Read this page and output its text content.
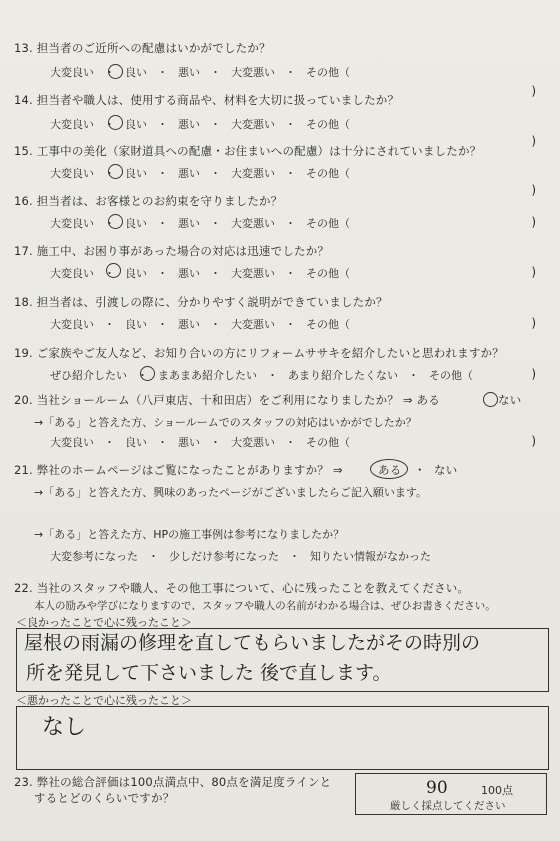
13. 担当者のご近所への配慮はいかがでしたか？
大変良い ・ 良い ・ 悪い ・ 大変悪い ・ その他（
)
14. 担当者や職人は、使用する商品や、材料を大切に扱っていましたか？
大変良い ・ 良い ・ 悪い ・ 大変悪い ・ その他（
)
15. 工事中の美化（家財道具への配慮・お住まいへの配慮）は十分にされていましたか？
大変良い ・ 良い ・ 悪い ・ 大変悪い ・ その他（
)
16. 担当者は、お客様とのお約束を守りましたか？
大変良い ・ 良い ・ 悪い ・ 大変悪い ・ その他（	)
17. 施工中、お困り事があった場合の対応は迅速でしたか？
大変良い ・ 良い ・ 悪い ・ 大変悪い ・ その他（	)
18. 担当者は、引渡しの際に、分かりやすく説明ができていましたか？
大変良い ・ 良い ・ 悪い ・ 大変悪い ・ その他（	)
19. ご家族やご友人など、お知り合いの方にリフォームササキを紹介したいと思われますか？
ぜひ紹介したい ・ まあまあ紹介したい ・ あまり紹介したくない ・ その他（	)
20. 当社ショールーム（八戸東店、十和田店）をご利用になりましたか？ ⇒ ある	ない
→「ある」と答えた方、ショールームでのスタッフの対応はいかがでしたか？
大変良い ・ 良い ・ 悪い ・ 大変悪い ・ その他（	)
21. 弊社のホームページはご覧になったことがありますか？ ⇒	ある ・ ない
→「ある」と答えた方、興味のあったページがございましたらご記入願います。
→「ある」と答えた方、HPの施工事例は参考になりましたか？
大変参考になった ・ 少しだけ参考になった ・ 知りたい情報がなかった
22. 当社のスタッフや職人、その他工事について、心に残ったことを教えてください。
本人の励みや学びになりますので、スタッフや職人の名前がわかる場合は、ぜひお書きください。
＜良かったことで心に残ったこと＞
屋根の雨漏の修理を直してもらいましたがその時別の
所を発見して下さいました 後で直します。
＜悪かったことで心に残ったこと＞
なし
23. 弊社の総合評価は100点満点中、80点を満足度ラインと
するとどのくらいですか？	90	100点
厳しく採点してください
